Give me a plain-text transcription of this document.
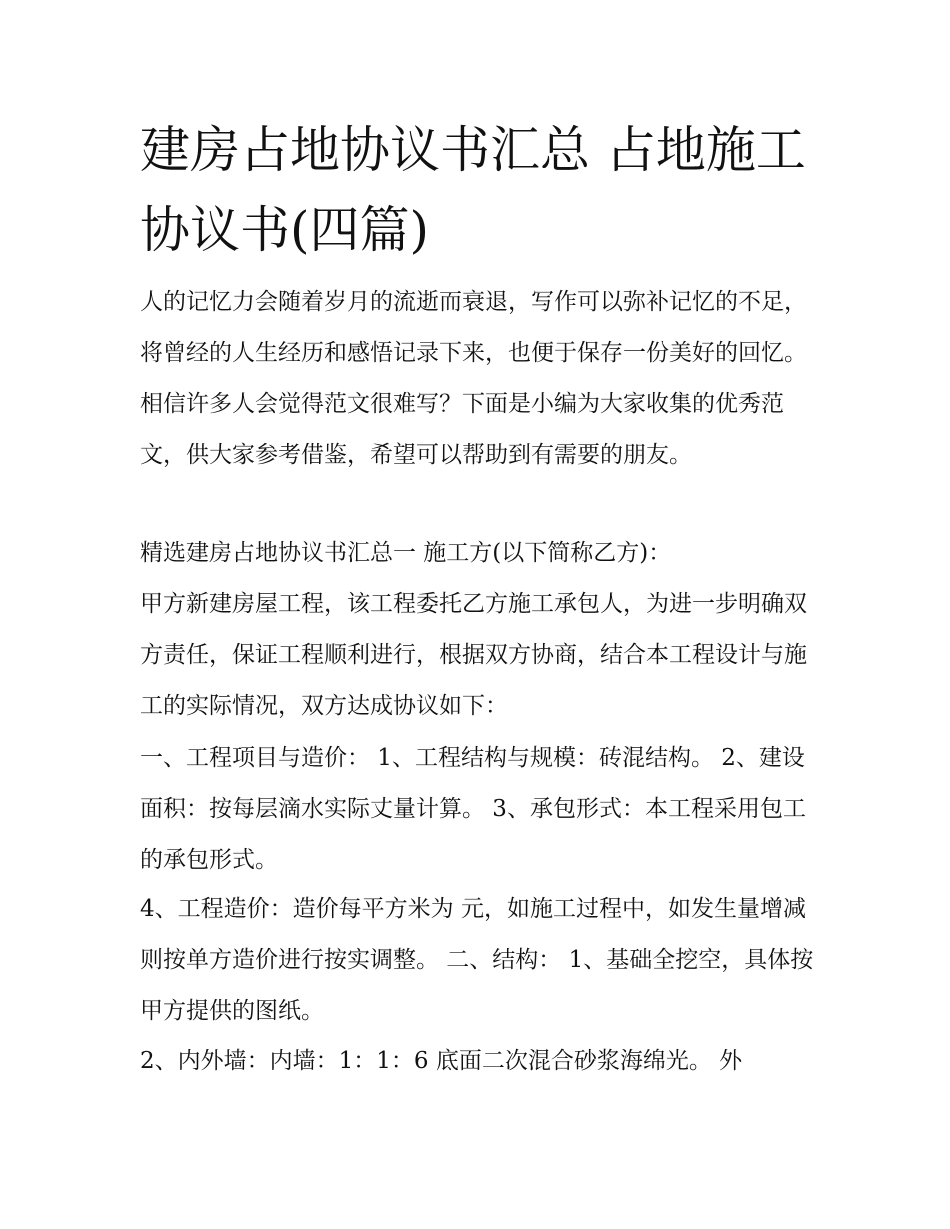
建房占地协议书汇总 占地施工协议书(四篇)

人的记忆力会随着岁月的流逝而衰退，写作可以弥补记忆的不足，将曾经的人生经历和感悟记录下来，也便于保存一份美好的回忆。相信许多人会觉得范文很难写？下面是小编为大家收集的优秀范文，供大家参考借鉴，希望可以帮助到有需要的朋友。

精选建房占地协议书汇总一 施工方(以下简称乙方)：

甲方新建房屋工程，该工程委托乙方施工承包人，为进一步明确双方责任，保证工程顺利进行，根据双方协商，结合本工程设计与施工的实际情况，双方达成协议如下：

一、工程项目与造价： 1、工程结构与规模：砖混结构。 2、建设面积：按每层滴水实际丈量计算。 3、承包形式：本工程采用包工的承包形式。

4、工程造价：造价每平方米为 元，如施工过程中，如发生量增减则按单方造价进行按实调整。 二、结构： 1、基础全挖空，具体按甲方提供的图纸。

2、内外墙：内墙：1：1：6 底面二次混合砂浆海绵光。 外
